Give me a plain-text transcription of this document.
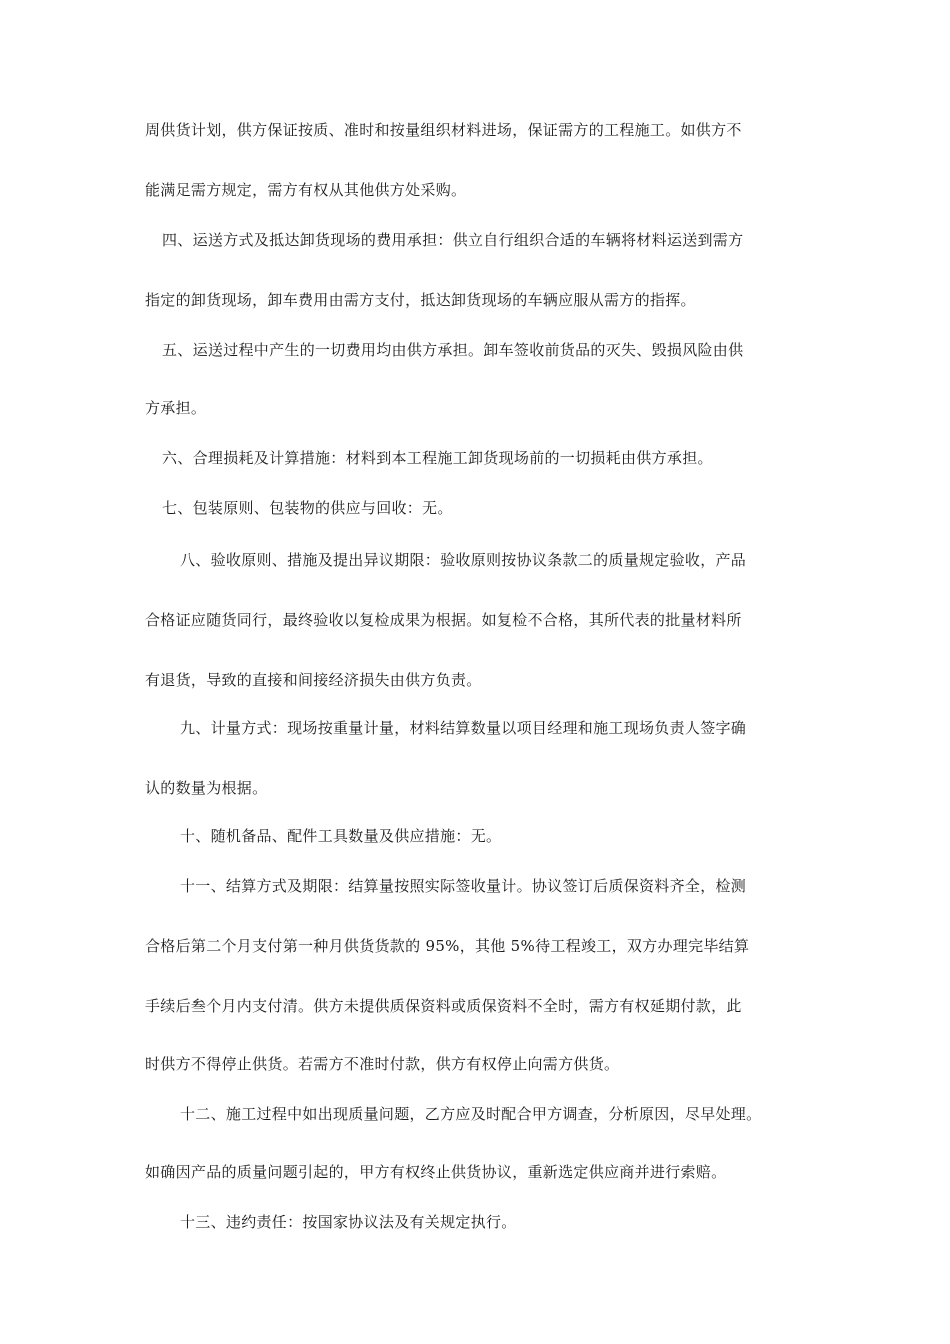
周供货计划，供方保证按质、准时和按量组织材料进场，保证需方的工程施工。如供方不
能满足需方规定，需方有权从其他供方处采购。
四、运送方式及抵达卸货现场的费用承担：供立自行组织合适的车辆将材料运送到需方
指定的卸货现场，卸车费用由需方支付，抵达卸货现场的车辆应服从需方的指挥。
五、运送过程中产生的一切费用均由供方承担。卸车签收前货品的灭失、毁损风险由供
方承担。
六、合理损耗及计算措施：材料到本工程施工卸货现场前的一切损耗由供方承担。
七、包装原则、包装物的供应与回收：无。
八、验收原则、措施及提出异议期限：验收原则按协议条款二的质量规定验收，产品
合格证应随货同行，最终验收以复检成果为根据。如复检不合格，其所代表的批量材料所
有退货，导致的直接和间接经济损失由供方负责。
九、计量方式：现场按重量计量，材料结算数量以项目经理和施工现场负责人签字确
认的数量为根据。
十、随机备品、配件工具数量及供应措施：无。
十一、结算方式及期限：结算量按照实际签收量计。协议签订后质保资料齐全，检测
合格后第二个月支付第一种月供货货款的 95%，其他 5%待工程竣工，双方办理完毕结算
手续后叁个月内支付清。供方未提供质保资料或质保资料不全时，需方有权延期付款，此
时供方不得停止供货。若需方不准时付款，供方有权停止向需方供货。
十二、施工过程中如出现质量问题，乙方应及时配合甲方调查，分析原因，尽早处理。
如确因产品的质量问题引起的，甲方有权终止供货协议，重新选定供应商并进行索赔。
十三、违约责任：按国家协议法及有关规定执行。
